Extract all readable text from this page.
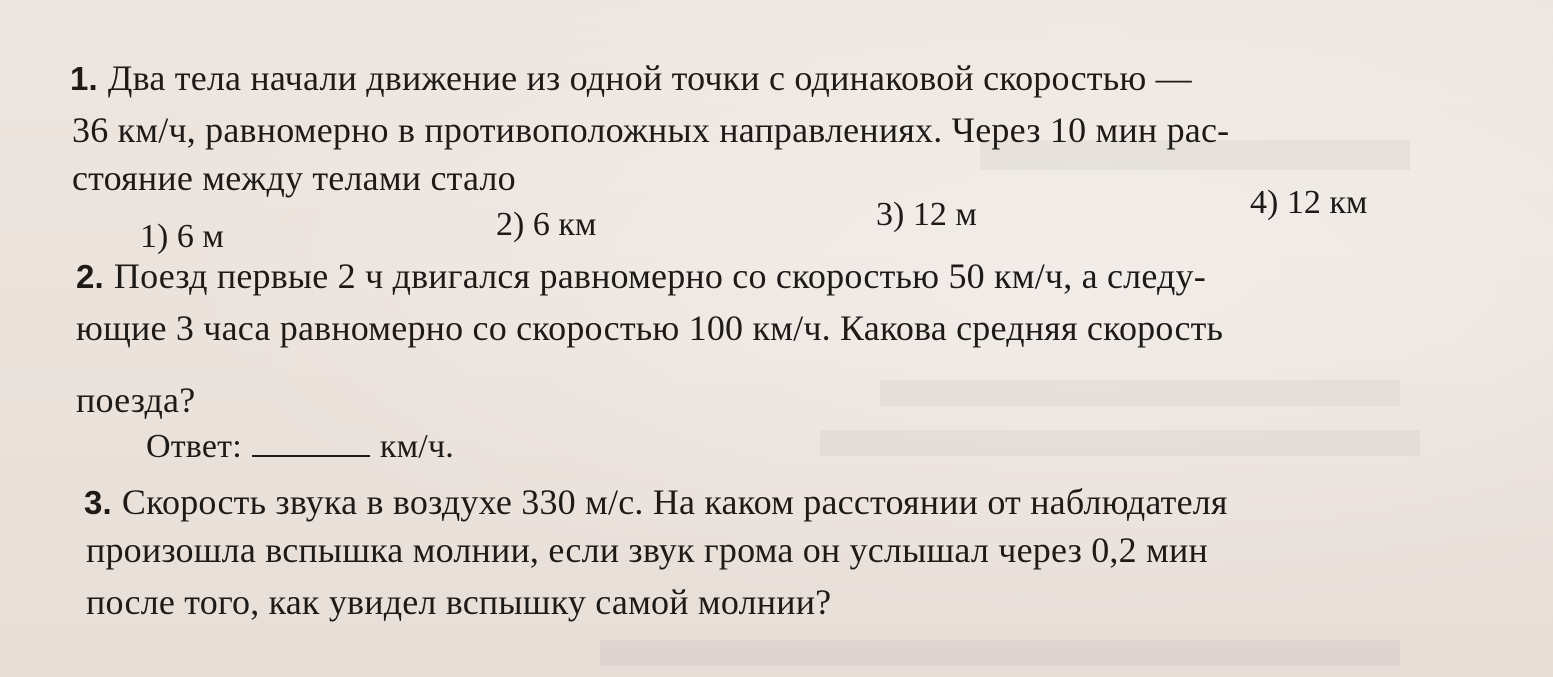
1. Два тела начали движение из одной точки с одинаковой скоростью —
36 км/ч, равномерно в противоположных направлениях. Через 10 мин рас-
стояние между телами стало
1) 6 м	2) 6 км	3) 12 м	4) 12 км
2. Поезд первые 2 ч двигался равномерно со скоростью 50 км/ч, а следу-
ющие 3 часа равномерно со скоростью 100 км/ч. Какова средняя скорость
поезда?
Ответ:	км/ч.
3. Скорость звука в воздухе 330 м/с. На каком расстоянии от наблюдателя
произошла вспышка молнии, если звук грома он услышал через 0,2 мин
после того, как увидел вспышку самой молнии?
